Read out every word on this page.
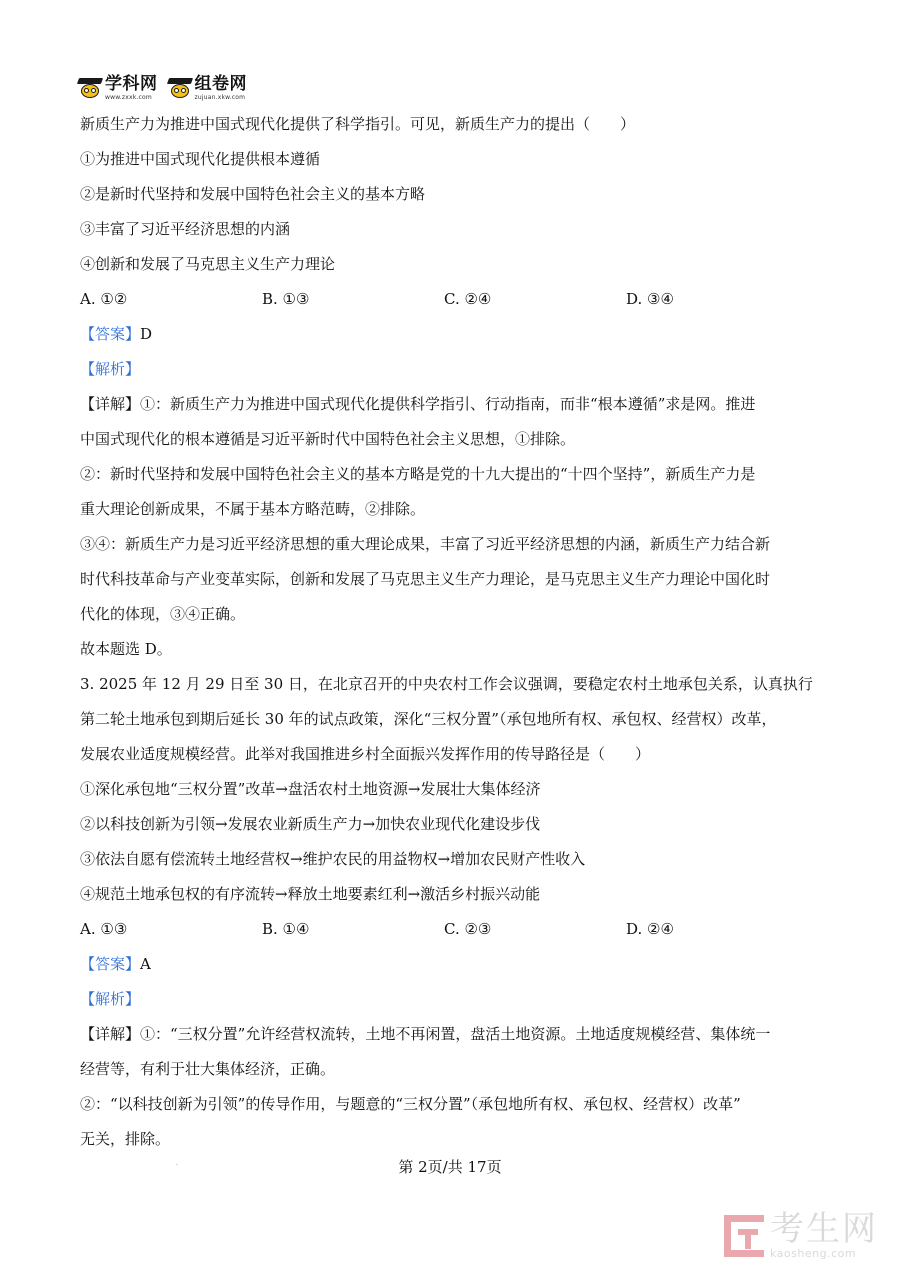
学科网
www.zxxk.com
组卷网
zujuan.xkw.com
新质生产力为推进中国式现代化提供了科学指引。可见，新质生产力的提出（　　）
①为推进中国式现代化提供根本遵循
②是新时代坚持和发展中国特色社会主义的基本方略
③丰富了习近平经济思想的内涵
④创新和发展了马克思主义生产力理论
A. ①②	B. ①③	C. ②④	D. ③④
【答案】D
【解析】
【详解】①：新质生产力为推进中国式现代化提供科学指引、行动指南，而非“根本遵循”求是网。推进
中国式现代化的根本遵循是习近平新时代中国特色社会主义思想，①排除。
②：新时代坚持和发展中国特色社会主义的基本方略是党的十九大提出的“十四个坚持”，新质生产力是
重大理论创新成果，不属于基本方略范畴，②排除。
③④：新质生产力是习近平经济思想的重大理论成果，丰富了习近平经济思想的内涵，新质生产力结合新
时代科技革命与产业变革实际，创新和发展了马克思主义生产力理论，是马克思主义生产力理论中国化时
代化的体现，③④正确。
故本题选 D。
3. 2025 年 12 月 29 日至 30 日，在北京召开的中央农村工作会议强调，要稳定农村土地承包关系，认真执行
第二轮土地承包到期后延长 30 年的试点政策，深化“三权分置”（承包地所有权、承包权、经营权）改革，
发展农业适度规模经营。此举对我国推进乡村全面振兴发挥作用的传导路径是（　　）
①深化承包地“三权分置”改革→盘活农村土地资源→发展壮大集体经济
②以科技创新为引领→发展农业新质生产力→加快农业现代化建设步伐
③依法自愿有偿流转土地经营权→维护农民的用益物权→增加农民财产性收入
④规范土地承包权的有序流转→释放土地要素红利→激活乡村振兴动能
A. ①③	B. ①④	C. ②③	D. ②④
【答案】A
【解析】
【详解】①：“三权分置”允许经营权流转，土地不再闲置，盘活土地资源。土地适度规模经营、集体统一
经营等，有利于壮大集体经济，正确。
②：“以科技创新为引领”的传导作用，与题意的“三权分置”（承包地所有权、承包权、经营权）改革”
无关，排除。
.	第 2页/共 17页
考生网
kaosheng.com
